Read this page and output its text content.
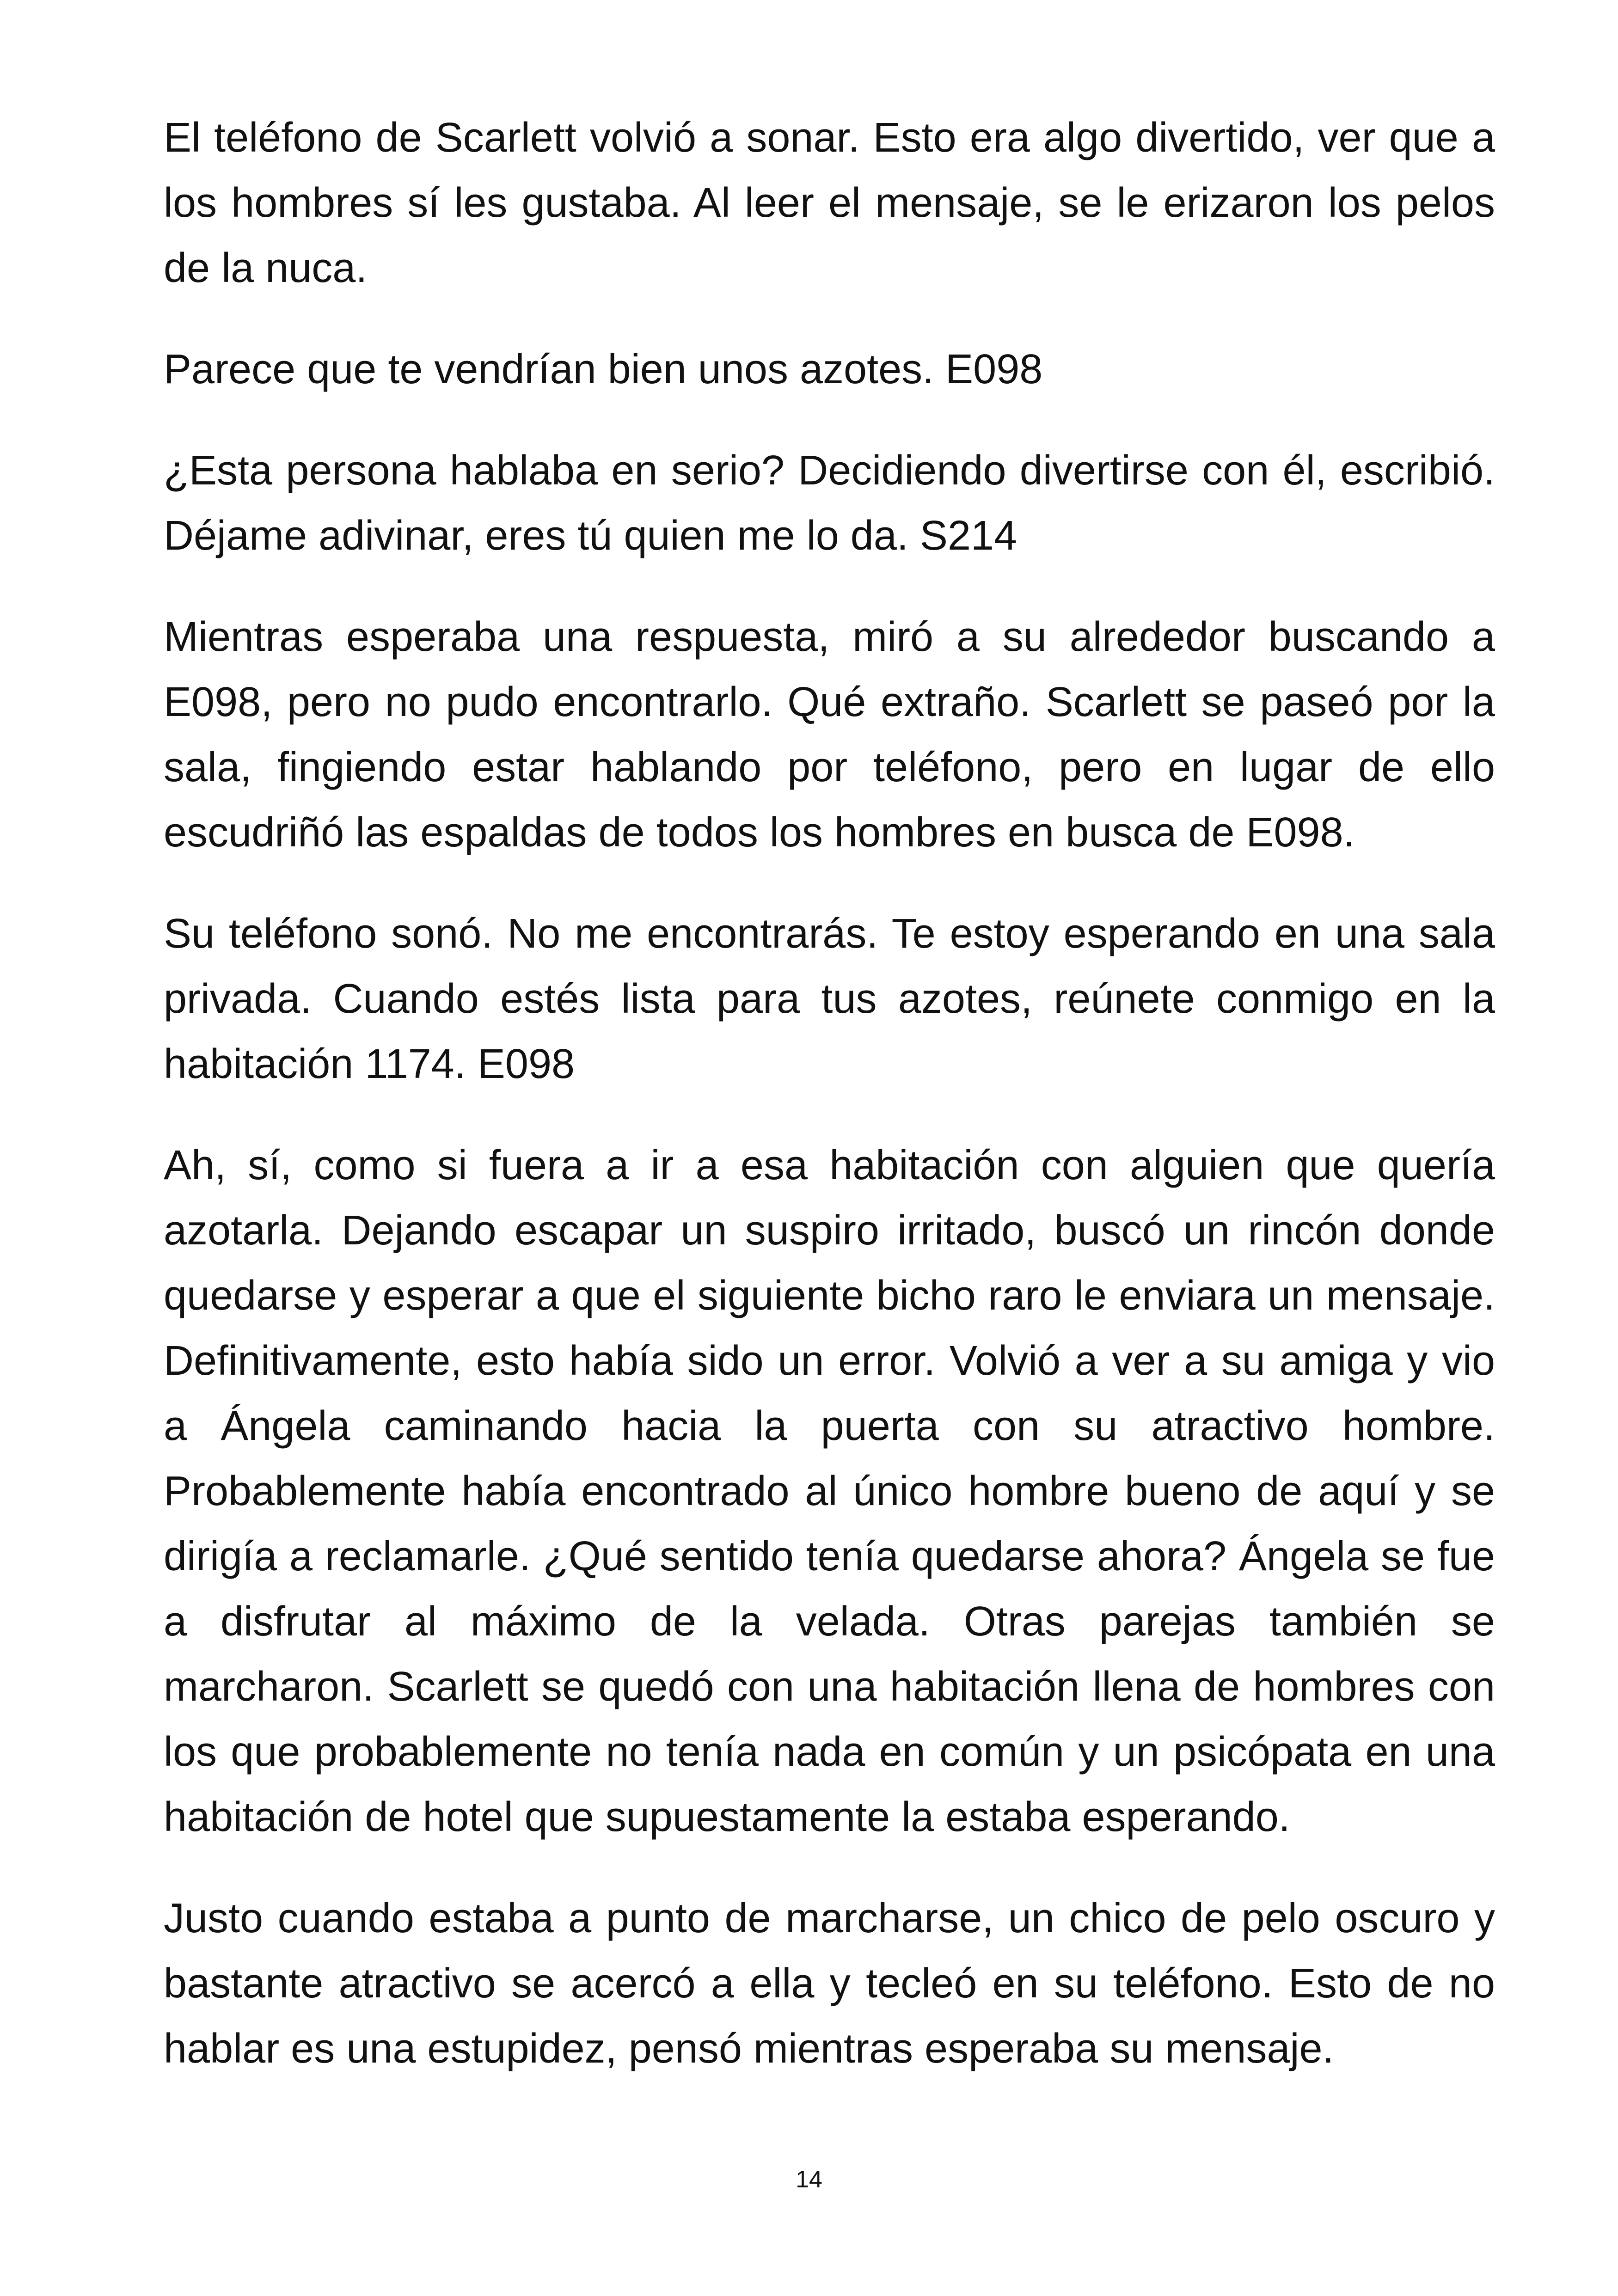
El teléfono de Scarlett volvió a sonar. Esto era algo divertido, ver que a los hombres sí les gustaba. Al leer el mensaje, se le erizaron los pelos de la nuca.

Parece que te vendrían bien unos azotes. E098

¿Esta persona hablaba en serio? Decidiendo divertirse con él, escribió. Déjame adivinar, eres tú quien me lo da. S214

Mientras esperaba una respuesta, miró a su alrededor buscando a E098, pero no pudo encontrarlo. Qué extraño. Scarlett se paseó por la sala, fingiendo estar hablando por teléfono, pero en lugar de ello escudriñó las espaldas de todos los hombres en busca de E098.

Su teléfono sonó. No me encontrarás. Te estoy esperando en una sala privada. Cuando estés lista para tus azotes, reúnete conmigo en la habitación 1174. E098

Ah, sí, como si fuera a ir a esa habitación con alguien que quería azotarla. Dejando escapar un suspiro irritado, buscó un rincón donde quedarse y esperar a que el siguiente bicho raro le enviara un mensaje. Definitivamente, esto había sido un error. Volvió a ver a su amiga y vio a Ángela caminando hacia la puerta con su atractivo hombre. Probablemente había encontrado al único hombre bueno de aquí y se dirigía a reclamarle. ¿Qué sentido tenía quedarse ahora? Ángela se fue a disfrutar al máximo de la velada. Otras parejas también se marcharon. Scarlett se quedó con una habitación llena de hombres con los que probablemente no tenía nada en común y un psicópata en una habitación de hotel que supuestamente la estaba esperando.

Justo cuando estaba a punto de marcharse, un chico de pelo oscuro y bastante atractivo se acercó a ella y tecleó en su teléfono. Esto de no hablar es una estupidez, pensó mientras esperaba su mensaje.

14
